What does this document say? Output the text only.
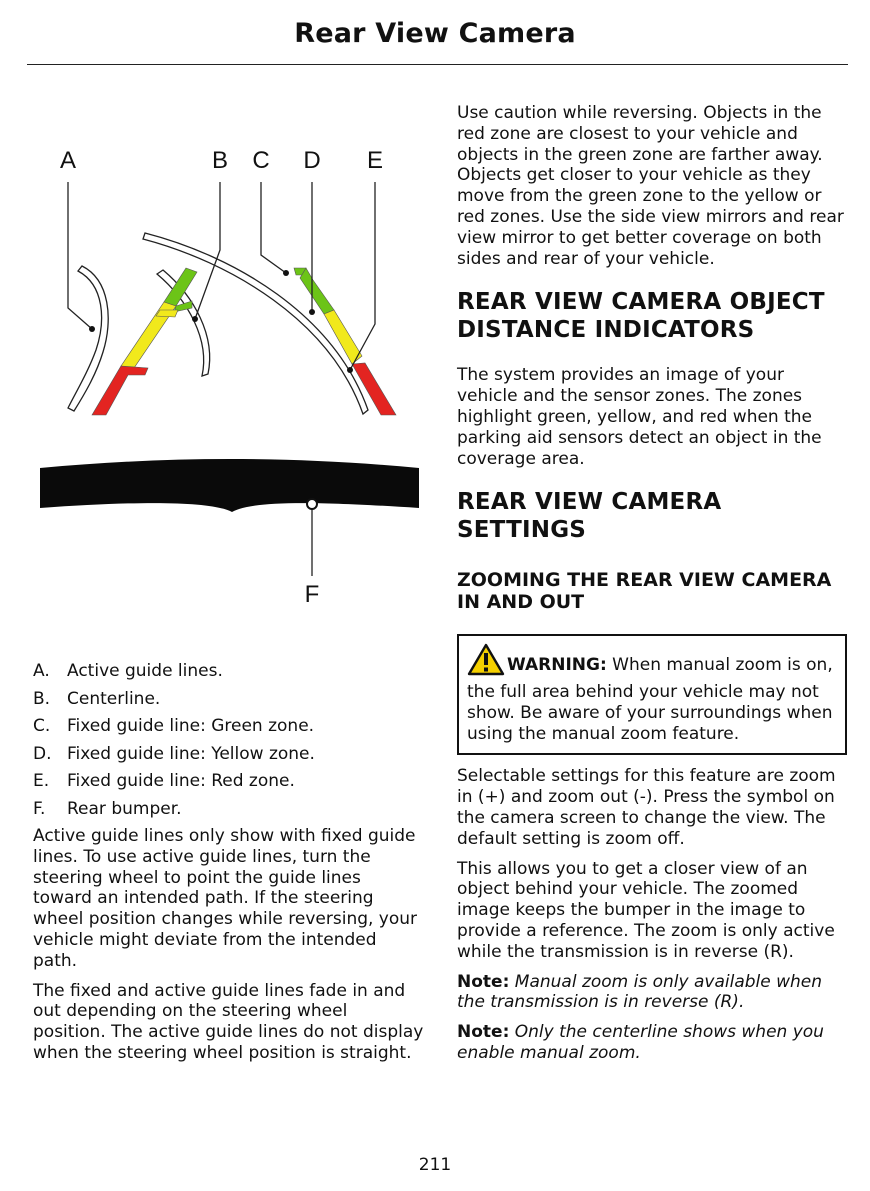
Rear View Camera
A	B C D E
F
A. Active guide lines.
B. Centerline.
C. Fixed guide line: Green zone.
D. Fixed guide line: Yellow zone.
E. Fixed guide line: Red zone.
F. Rear bumper.

Active guide lines only show with fixed guide lines. To use active guide lines, turn the steering wheel to point the guide lines toward an intended path. If the steering wheel position changes while reversing, your vehicle might deviate from the intended path.

The fixed and active guide lines fade in and out depending on the steering wheel position. The active guide lines do not display when the steering wheel position is straight.

Use caution while reversing. Objects in the red zone are closest to your vehicle and objects in the green zone are farther away. Objects get closer to your vehicle as they move from the green zone to the yellow or red zones. Use the side view mirrors and rear view mirror to get better coverage on both sides and rear of your vehicle.

REAR VIEW CAMERA OBJECT DISTANCE INDICATORS

The system provides an image of your vehicle and the sensor zones. The zones highlight green, yellow, and red when the parking aid sensors detect an object in the coverage area.

REAR VIEW CAMERA SETTINGS
ZOOMING THE REAR VIEW CAMERA IN AND OUT
WARNING: When manual zoom is on, the full area behind your vehicle may not show. Be aware of your surroundings when using the manual zoom feature.

Selectable settings for this feature are zoom in (+) and zoom out (-). Press the symbol on the camera screen to change the view. The default setting is zoom off.

This allows you to get a closer view of an object behind your vehicle. The zoomed image keeps the bumper in the image to provide a reference. The zoom is only active while the transmission is in reverse (R).

Note: Manual zoom is only available when the transmission is in reverse (R).

Note: Only the centerline shows when you enable manual zoom.

211
